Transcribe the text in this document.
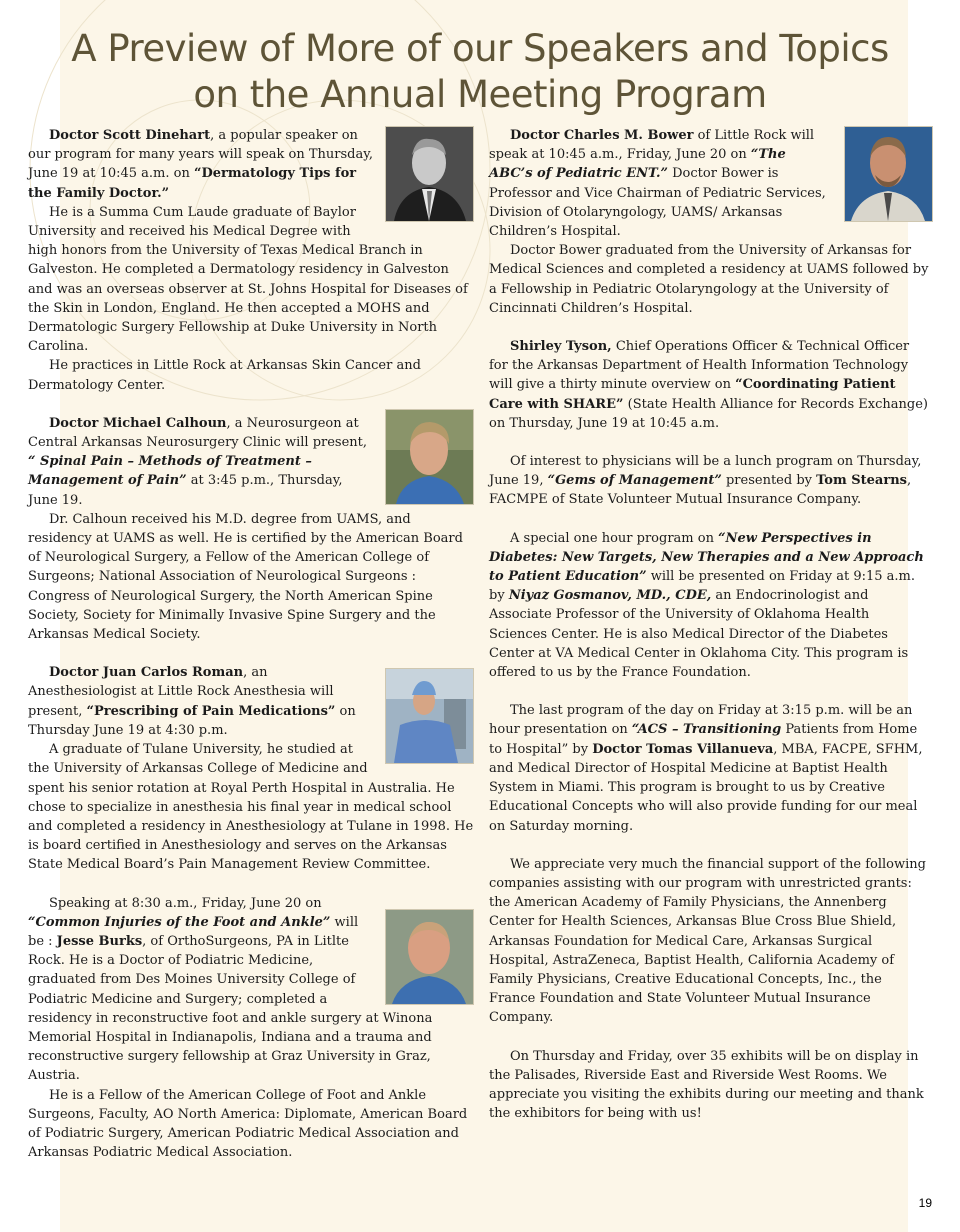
A Preview of More of our Speakers and Topics
on the Annual Meeting Program

Doctor Scott Dinehart, a popular speaker on our program for many years will speak on Thursday, June 19 at 10:45 a.m. on “Dermatology Tips for the Family Doctor.”

He is a Summa Cum Laude graduate of Baylor University and received his Medical Degree with high honors from the University of Texas Medical Branch in Galveston. He completed a Dermatology residency in Galveston and was an overseas observer at St. Johns Hospital for Diseases of the Skin in London, England. He then accepted a MOHS and Dermatologic Surgery Fellowship at Duke University in North Carolina.

He practices in Little Rock at Arkansas Skin Cancer and Dermatology Center.

Doctor Michael Calhoun, a Neurosurgeon at Central Arkansas Neurosurgery Clinic will present, “ Spinal Pain – Methods of Treatment – Management of Pain” at 3:45 p.m., Thursday, June 19.

Dr. Calhoun received his M.D. degree from UAMS, and residency at UAMS as well. He is certified by the American Board of Neurological Surgery, a Fellow of the American College of Surgeons; National Association of Neurological Surgeons : Congress of Neurological Surgery, the North American Spine Society, Society for Minimally Invasive Spine Surgery and the Arkansas Medical Society.

Doctor Juan Carlos Roman, an Anesthesiologist at Little Rock Anesthesia will present, “Prescribing of Pain Medications” on Thursday June 19 at 4:30 p.m.

A graduate of Tulane University, he studied at the University of Arkansas College of Medicine and spent his senior rotation at Royal Perth Hospital in Australia. He chose to specialize in anesthesia his final year in medical school and completed a residency in Anesthesiology at Tulane in 1998. He is board certified in Anesthesiology and serves on the Arkansas State Medical Board’s Pain Management Review Committee.

Speaking at 8:30 a.m., Friday, June 20 on “Common Injuries of the Foot and Ankle” will be : Jesse Burks, of OrthoSurgeons, PA in Litlte Rock. He is a Doctor of Podiatric Medicine, graduated from Des Moines University College of Podiatric Medicine and Surgery; completed a residency in reconstructive foot and ankle surgery at Winona Memorial Hospital in Indianapolis, Indiana and a trauma and reconstructive surgery fellowship at Graz University in Graz, Austria.

He is a Fellow of the American College of Foot and Ankle Surgeons, Faculty, AO North America: Diplomate, American Board of Podiatric Surgery, American Podiatric Medical Association and Arkansas Podiatric Medical Association.

Doctor Charles M. Bower of Little Rock will speak at 10:45 a.m., Friday, June 20 on “The ABC’s of Pediatric ENT.” Doctor Bower is Professor and Vice Chairman of Pediatric Services, Division of Otolaryngology, UAMS/ Arkansas Children’s Hospital.

Doctor Bower graduated from the University of Arkansas for Medical Sciences and completed a residency at UAMS followed by a Fellowship in Pediatric Otolaryngology at the University of Cincinnati Children’s Hospital.

Shirley Tyson, Chief Operations Officer & Technical Officer for the Arkansas Department of Health Information Technology will give a thirty minute overview on “Coordinating Patient Care with SHARE” (State Health Alliance for Records Exchange) on Thursday, June 19 at 10:45 a.m.

Of interest to physicians will be a lunch program on Thursday, June 19, “Gems of Management” presented by Tom Stearns, FACMPE of State Volunteer Mutual Insurance Company.

A special one hour program on “New Perspectives in Diabetes: New Targets, New Therapies and a New Approach to Patient Education” will be presented on Friday at 9:15 a.m. by Niyaz Gosmanov, MD., CDE, an Endocrinologist and Associate Professor of the University of Oklahoma Health Sciences Center. He is also Medical Director of the Diabetes Center at VA Medical Center in Oklahoma City. This program is offered to us by the France Foundation.

The last program of the day on Friday at 3:15 p.m. will be an hour presentation on “ACS – Transitioning Patients from Home to Hospital” by Doctor Tomas Villanueva, MBA, FACPE, SFHM, and Medical Director of Hospital Medicine at Baptist Health System in Miami. This program is brought to us by Creative Educational Concepts who will also provide funding for our meal on Saturday morning.

We appreciate very much the financial support of the following companies assisting with our program with unrestricted grants: the American Academy of Family Physicians, the Annenberg Center for Health Sciences, Arkansas Blue Cross Blue Shield, Arkansas Foundation for Medical Care, Arkansas Surgical Hospital, AstraZeneca, Baptist Health, California Academy of Family Physicians, Creative Educational Concepts, Inc., the France Foundation and State Volunteer Mutual Insurance Company.

On Thursday and Friday, over 35 exhibits will be on display in the Palisades, Riverside East and Riverside West Rooms. We appreciate you visiting the exhibits during our meeting and thank the exhibitors for being with us!

19
